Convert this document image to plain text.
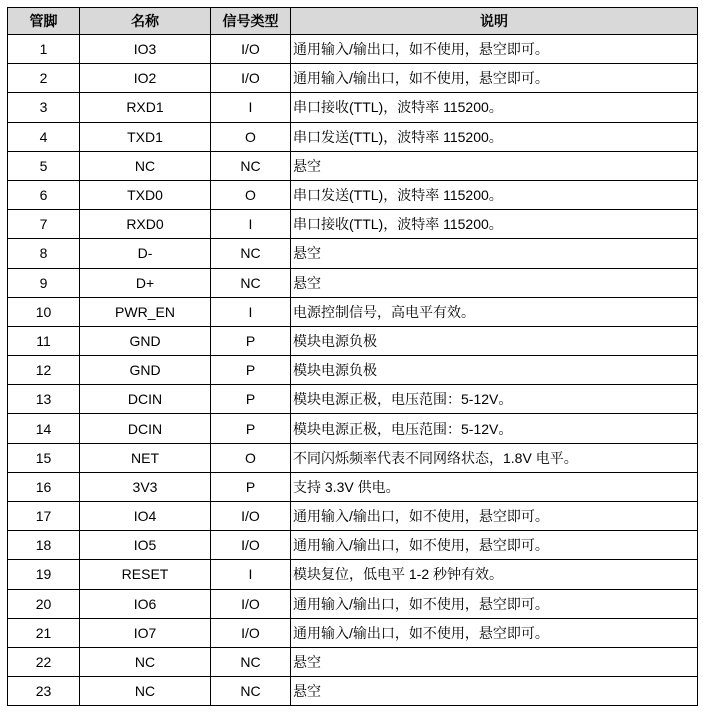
管脚	名称	信号类型	说明
1	IO3	I/O	通用输入/输出口，如不使用，悬空即可。
2	IO2	I/O	通用输入/输出口，如不使用，悬空即可。
3	RXD1	I	串口接收(TTL)，波特率 115200。
4	TXD1	O	串口发送(TTL)，波特率 115200。
5	NC	NC	悬空
6	TXD0	O	串口发送(TTL)，波特率 115200。
7	RXD0	I	串口接收(TTL)，波特率 115200。
8	D-	NC	悬空
9	D+	NC	悬空
10	PWR_EN	I	电源控制信号，高电平有效。
11	GND	P	模块电源负极
12	GND	P	模块电源负极
13	DCIN	P	模块电源正极，电压范围：5-12V。
14	DCIN	P	模块电源正极，电压范围：5-12V。
15	NET	O	不同闪烁频率代表不同网络状态，1.8V 电平。
16	3V3	P	支持 3.3V 供电。
17	IO4	I/O	通用输入/输出口，如不使用，悬空即可。
18	IO5	I/O	通用输入/输出口，如不使用，悬空即可。
19	RESET	I	模块复位，低电平 1-2 秒钟有效。
20	IO6	I/O	通用输入/输出口，如不使用，悬空即可。
21	IO7	I/O	通用输入/输出口，如不使用，悬空即可。
22	NC	NC	悬空
23	NC	NC	悬空
